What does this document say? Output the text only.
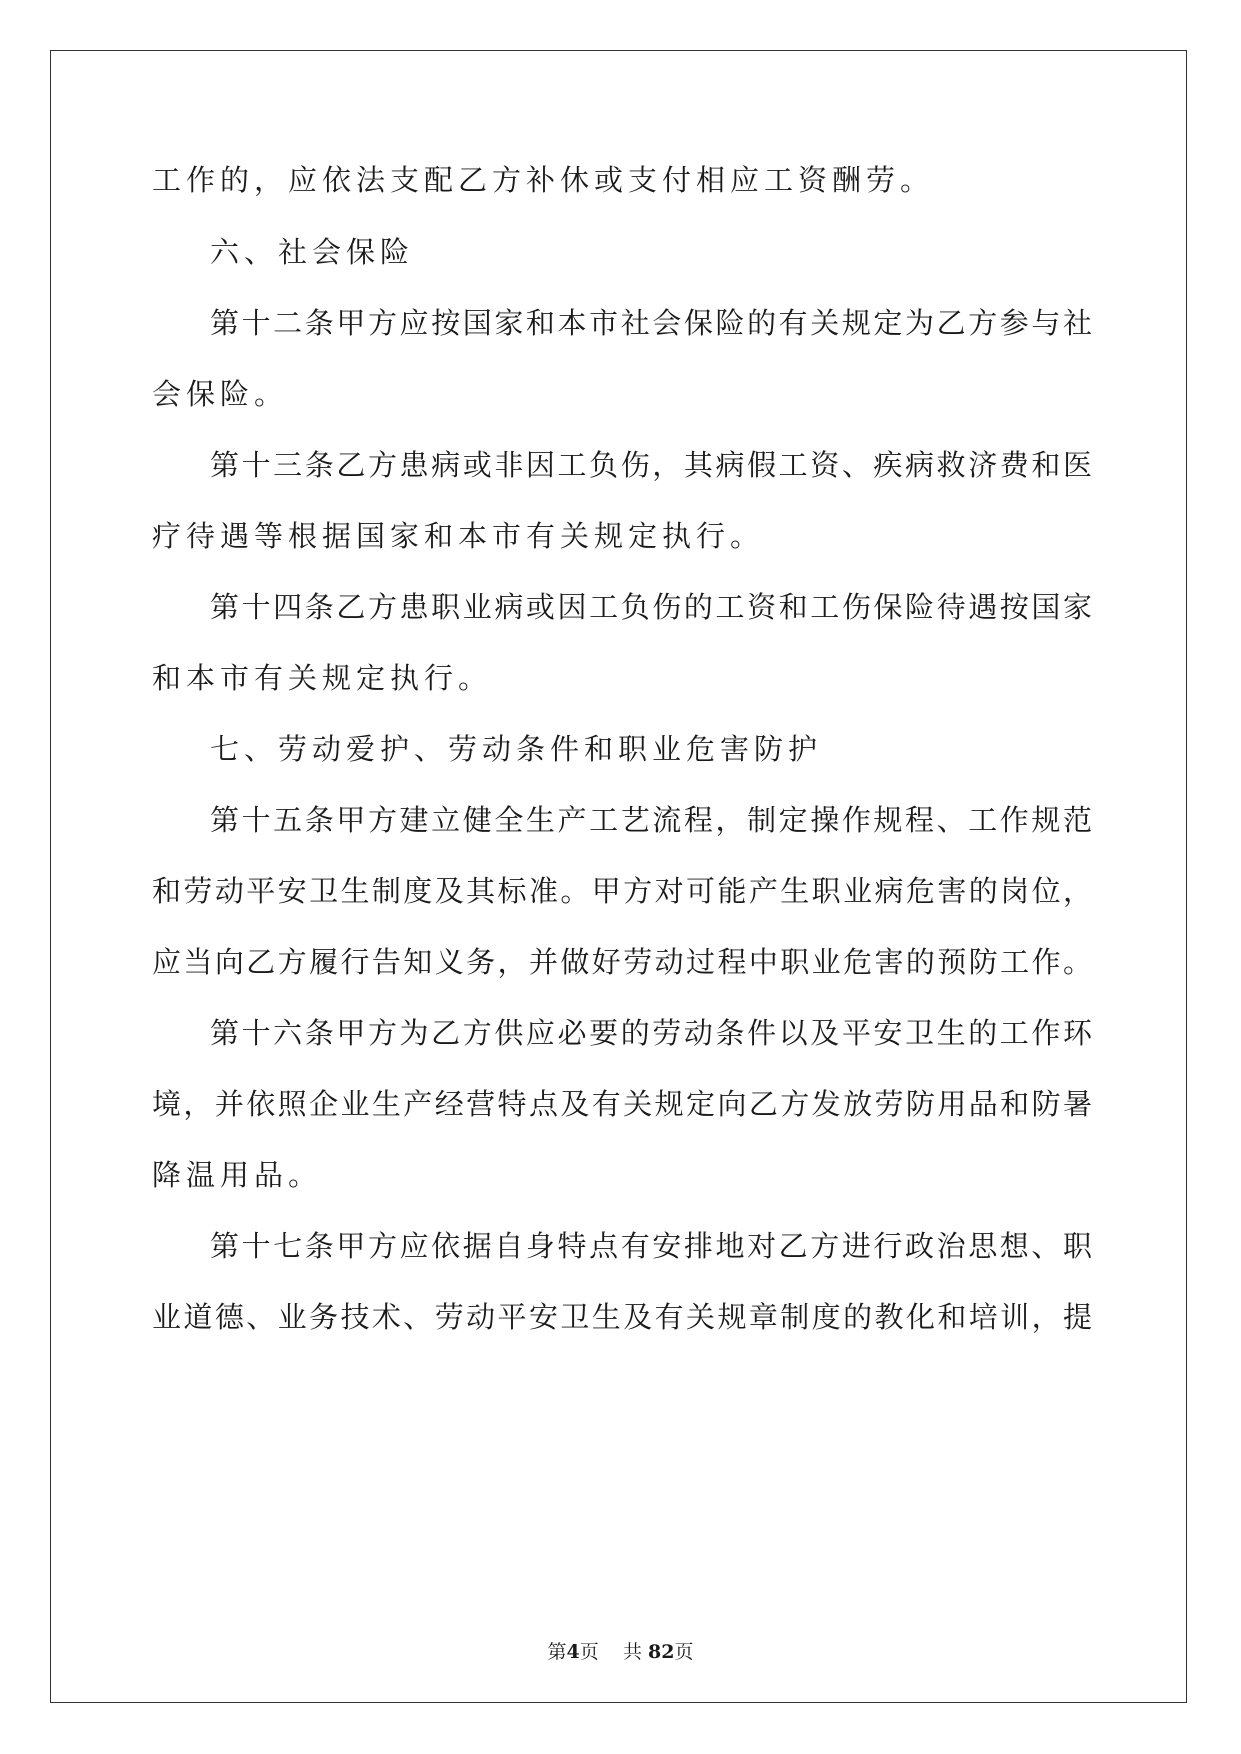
工作的，应依法支配乙方补休或支付相应工资酬劳。
六、社会保险
第十二条甲方应按国家和本市社会保险的有关规定为乙方参与社
会保险。
第十三条乙方患病或非因工负伤，其病假工资、疾病救济费和医
疗待遇等根据国家和本市有关规定执行。
第十四条乙方患职业病或因工负伤的工资和工伤保险待遇按国家
和本市有关规定执行。
七、劳动爱护、劳动条件和职业危害防护
第十五条甲方建立健全生产工艺流程，制定操作规程、工作规范
和劳动平安卫生制度及其标准。甲方对可能产生职业病危害的岗位，
应当向乙方履行告知义务，并做好劳动过程中职业危害的预防工作。
第十六条甲方为乙方供应必要的劳动条件以及平安卫生的工作环
境，并依照企业生产经营特点及有关规定向乙方发放劳防用品和防暑
降温用品。
第十七条甲方应依据自身特点有安排地对乙方进行政治思想、职
业道德、业务技术、劳动平安卫生及有关规章制度的教化和培训，提
第4页 共 82页
